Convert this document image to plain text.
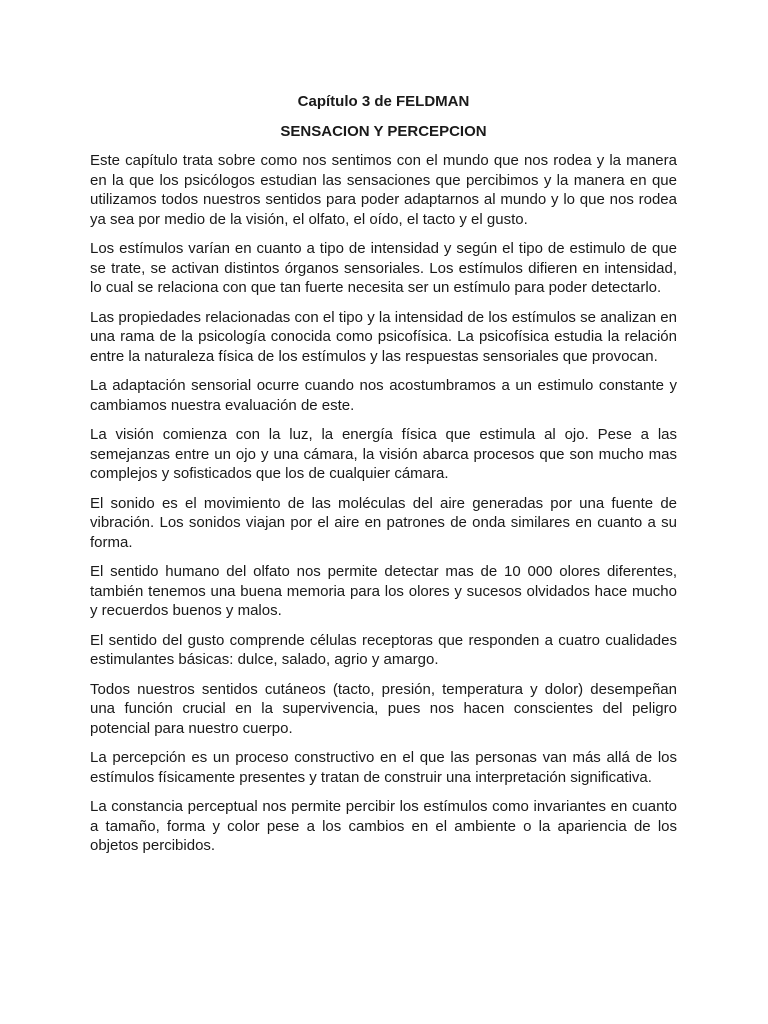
Capítulo 3 de FELDMAN
SENSACION Y PERCEPCION

Este capítulo trata sobre como nos sentimos con el mundo que nos rodea y la manera en la que los psicólogos estudian las sensaciones que percibimos y la manera en que utilizamos todos nuestros sentidos para poder adaptarnos al mundo y lo que nos rodea ya sea por medio de la visión, el olfato, el oído, el tacto y el gusto.

Los estímulos varían en cuanto a tipo de intensidad y según el tipo de estimulo de que se trate, se activan distintos órganos sensoriales. Los estímulos difieren en intensidad, lo cual se relaciona con que tan fuerte necesita ser un estímulo para poder detectarlo.

Las propiedades relacionadas con el tipo y la intensidad de los estímulos se analizan en una rama de la psicología conocida como psicofísica. La psicofísica estudia la relación entre la naturaleza física de los estímulos y las respuestas sensoriales que provocan.

La adaptación sensorial ocurre cuando nos acostumbramos a un estimulo constante y cambiamos nuestra evaluación de este.

La visión comienza con la luz, la energía física que estimula al ojo. Pese a las semejanzas entre un ojo y una cámara, la visión abarca procesos que son mucho mas complejos y sofisticados que los de cualquier cámara.

El sonido es el movimiento de las moléculas del aire generadas por una fuente de vibración. Los sonidos viajan por el aire en patrones de onda similares en cuanto a su forma.

El sentido humano del olfato nos permite detectar mas de 10 000 olores diferentes, también tenemos una buena memoria para los olores y sucesos olvidados hace mucho y recuerdos buenos y malos.

El sentido del gusto comprende células receptoras que responden a cuatro cualidades estimulantes básicas: dulce, salado, agrio y amargo.

Todos nuestros sentidos cutáneos (tacto, presión, temperatura y dolor) desempeñan una función crucial en la supervivencia, pues nos hacen conscientes del peligro potencial para nuestro cuerpo.

La percepción es un proceso constructivo en el que las personas van más allá de los estímulos físicamente presentes y tratan de construir una interpretación significativa.

La constancia perceptual nos permite percibir los estímulos como invariantes en cuanto a tamaño, forma y color pese a los cambios en el ambiente o la apariencia de los objetos percibidos.
